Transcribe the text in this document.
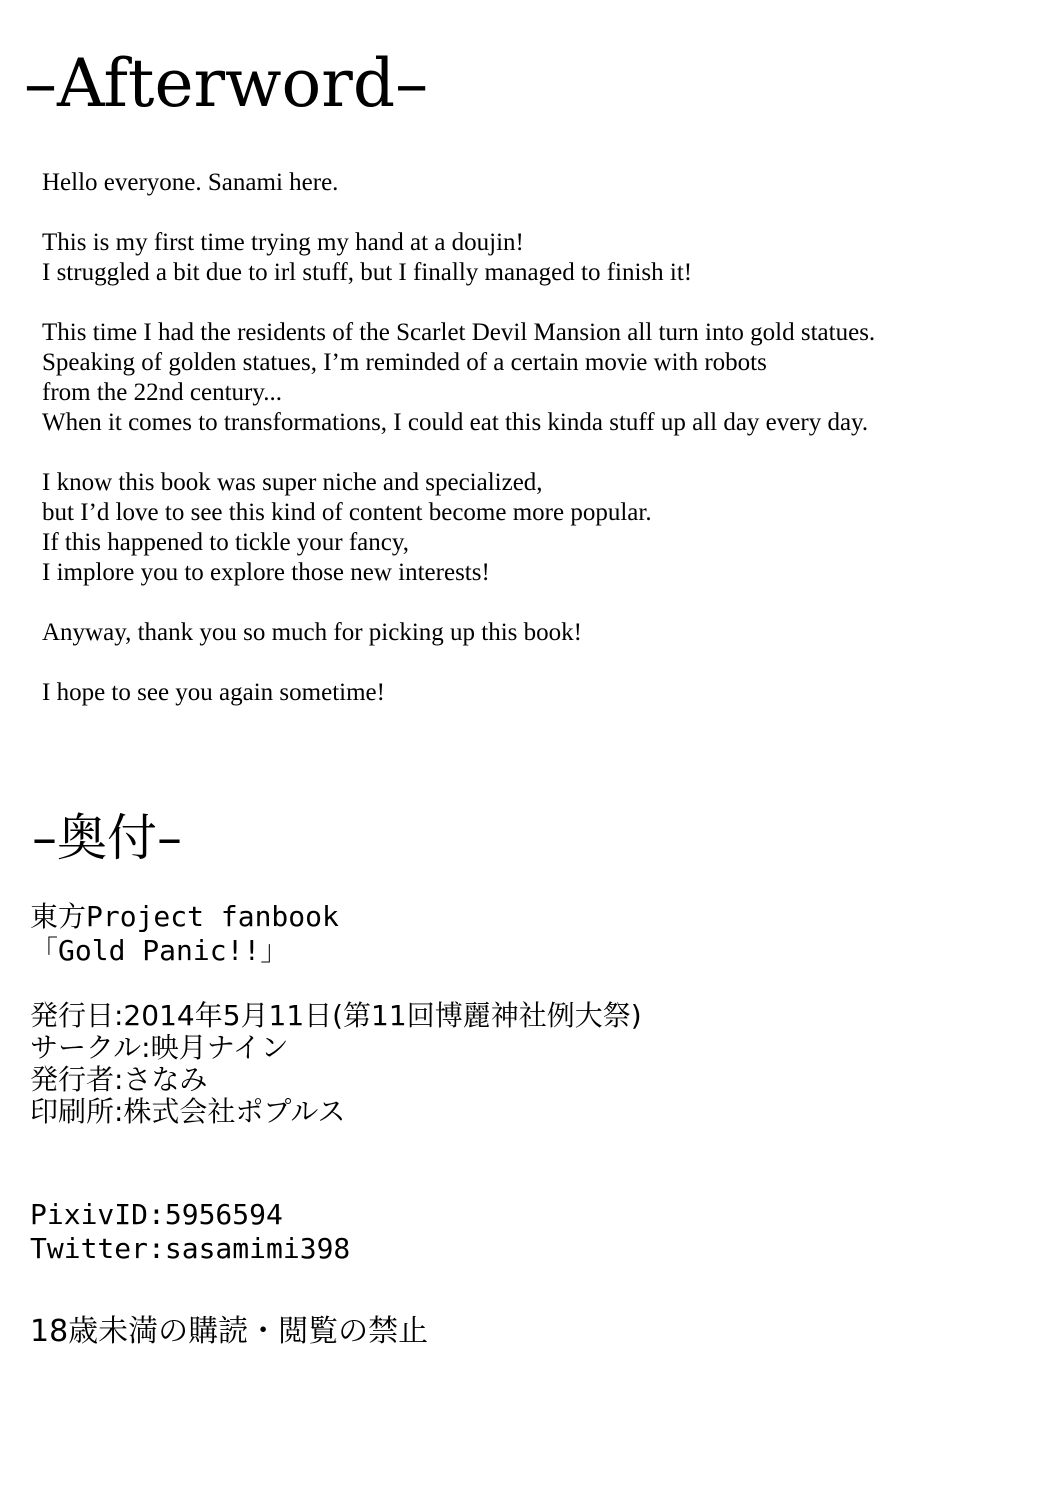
–Afterword–

Hello everyone. Sanami here.

This is my first time trying my hand at a doujin!
I struggled a bit due to irl stuff, but I finally managed to finish it!

This time I had the residents of the Scarlet Devil Mansion all turn into gold statues.
Speaking of golden statues, I’m reminded of a certain movie with robots
from the 22nd century...
When it comes to transformations, I could eat this kinda stuff up all day every day.

I know this book was super niche and specialized,
but I’d love to see this kind of content become more popular.
If this happened to tickle your fancy,
I implore you to explore those new interests!

Anyway, thank you so much for picking up this book!

I hope to see you again sometime!

–奥付–
東方Project fanbook
「Gold Panic!!」
発行日:2014年5月11日(第11回博麗神社例大祭)
サークル:映月ナイン
発行者:さなみ
印刷所:株式会社ポプルス
PixivID:5956594
Twitter:sasamimi398
18歳未満の購読・閲覧の禁止
